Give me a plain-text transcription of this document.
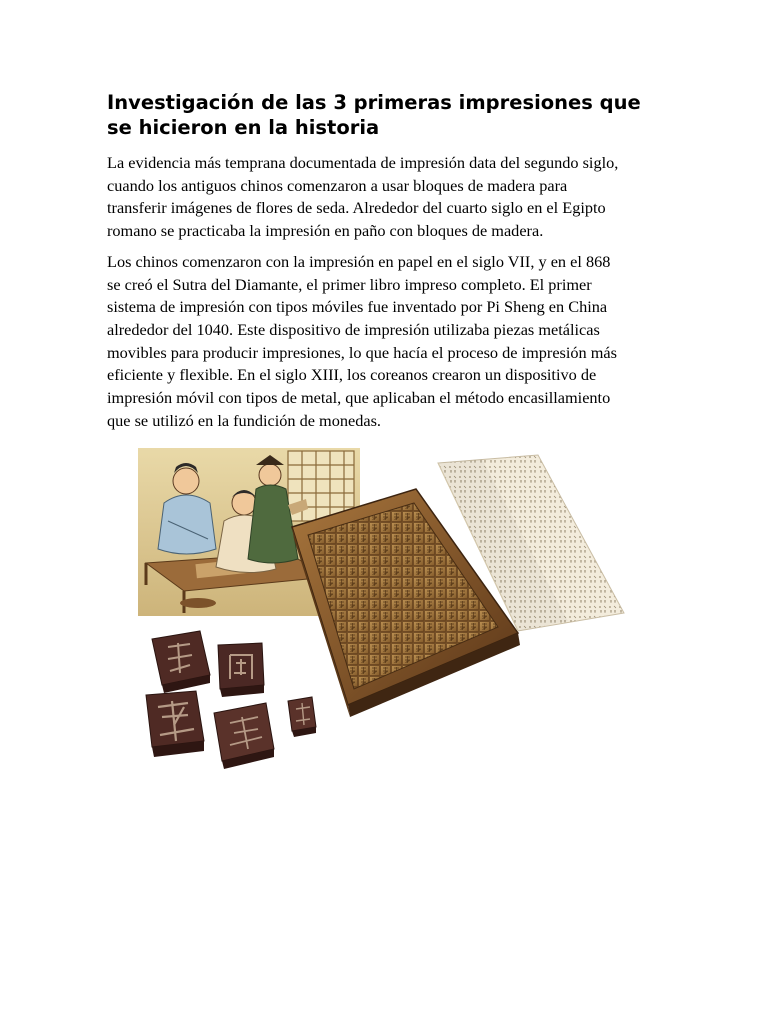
Investigación de las 3 primeras impresiones que
se hicieron en la historia

La evidencia más temprana documentada de impresión data del segundo siglo,
cuando los antiguos chinos comenzaron a usar bloques de madera para
transferir imágenes de flores de seda. Alrededor del cuarto siglo en el Egipto
romano se practicaba la impresión en paño con bloques de madera.

Los chinos comenzaron con la impresión en papel en el siglo VII, y en el 868
se creó el Sutra del Diamante, el primer libro impreso completo. El primer
sistema de impresión con tipos móviles fue inventado por Pi Sheng en China
alrededor del 1040. Este dispositivo de impresión utilizaba piezas metálicas
movibles para producir impresiones, lo que hacía el proceso de impresión más
eficiente y flexible. En el siglo XIII, los coreanos crearon un dispositivo de
impresión móvil con tipos de metal, que aplicaban el método encasillamiento
que se utilizó en la fundición de monedas.
